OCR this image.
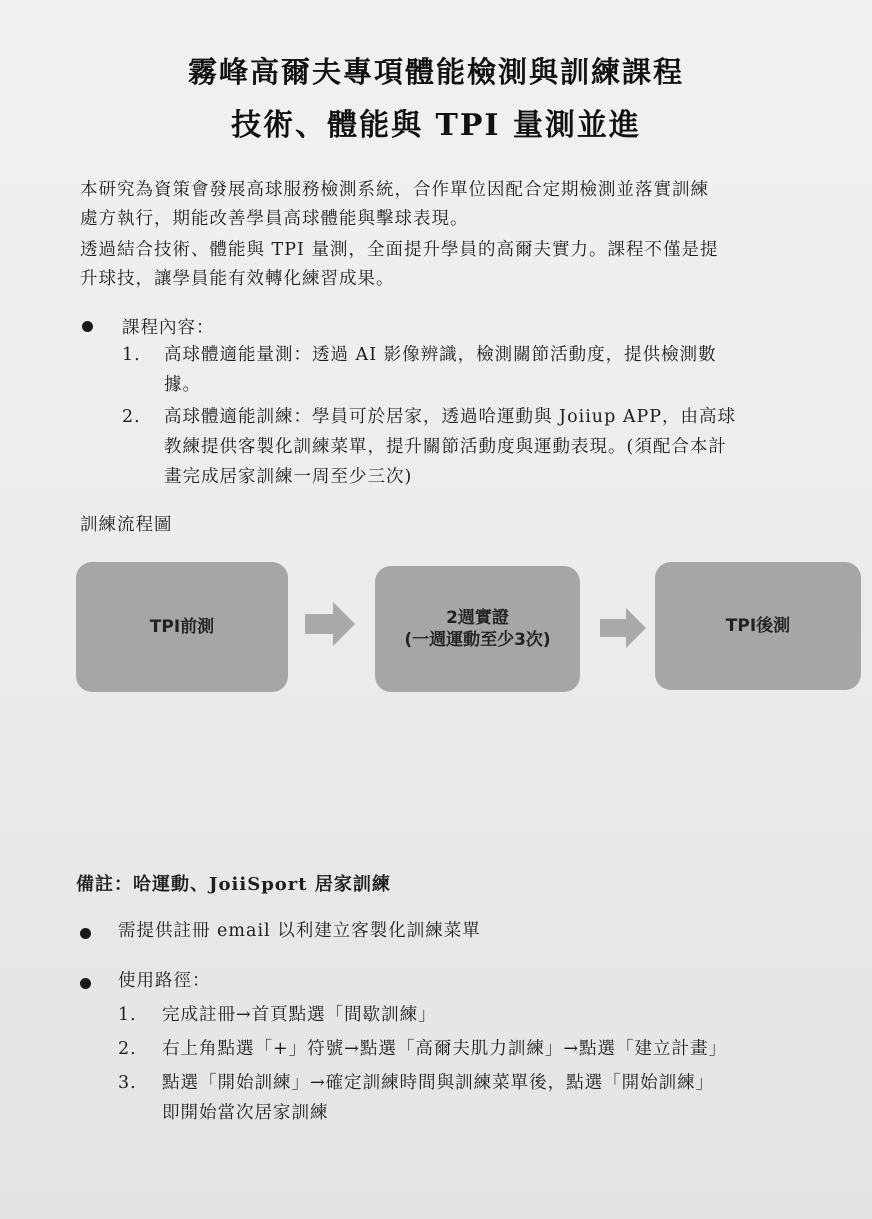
霧峰高爾夫專項體能檢測與訓練課程
技術、體能與 TPI 量測並進
本研究為資策會發展高球服務檢測系統，合作單位因配合定期檢測並落實訓練
處方執行，期能改善學員高球體能與擊球表現。
透過結合技術、體能與 TPI 量測，全面提升學員的高爾夫實力。課程不僅是提
升球技，讓學員能有效轉化練習成果。
課程內容：
1. 高球體適能量測：透過 AI 影像辨識，檢測關節活動度，提供檢測數
據。
2. 高球體適能訓練：學員可於居家，透過哈運動與 Joiiup APP，由高球
教練提供客製化訓練菜單，提升關節活動度與運動表現。(須配合本計
畫完成居家訓練一周至少三次)
訓練流程圖
TPI前測	2週實證
(一週運動至少3次)
TPI後測
備註：哈運動、JoiiSport 居家訓練
需提供註冊 email 以利建立客製化訓練菜單
使用路徑：
1. 完成註冊→首頁點選「間歇訓練」
2. 右上角點選「+」符號→點選「高爾夫肌力訓練」→點選「建立計畫」
3. 點選「開始訓練」→確定訓練時間與訓練菜單後，點選「開始訓練」
即開始當次居家訓練
